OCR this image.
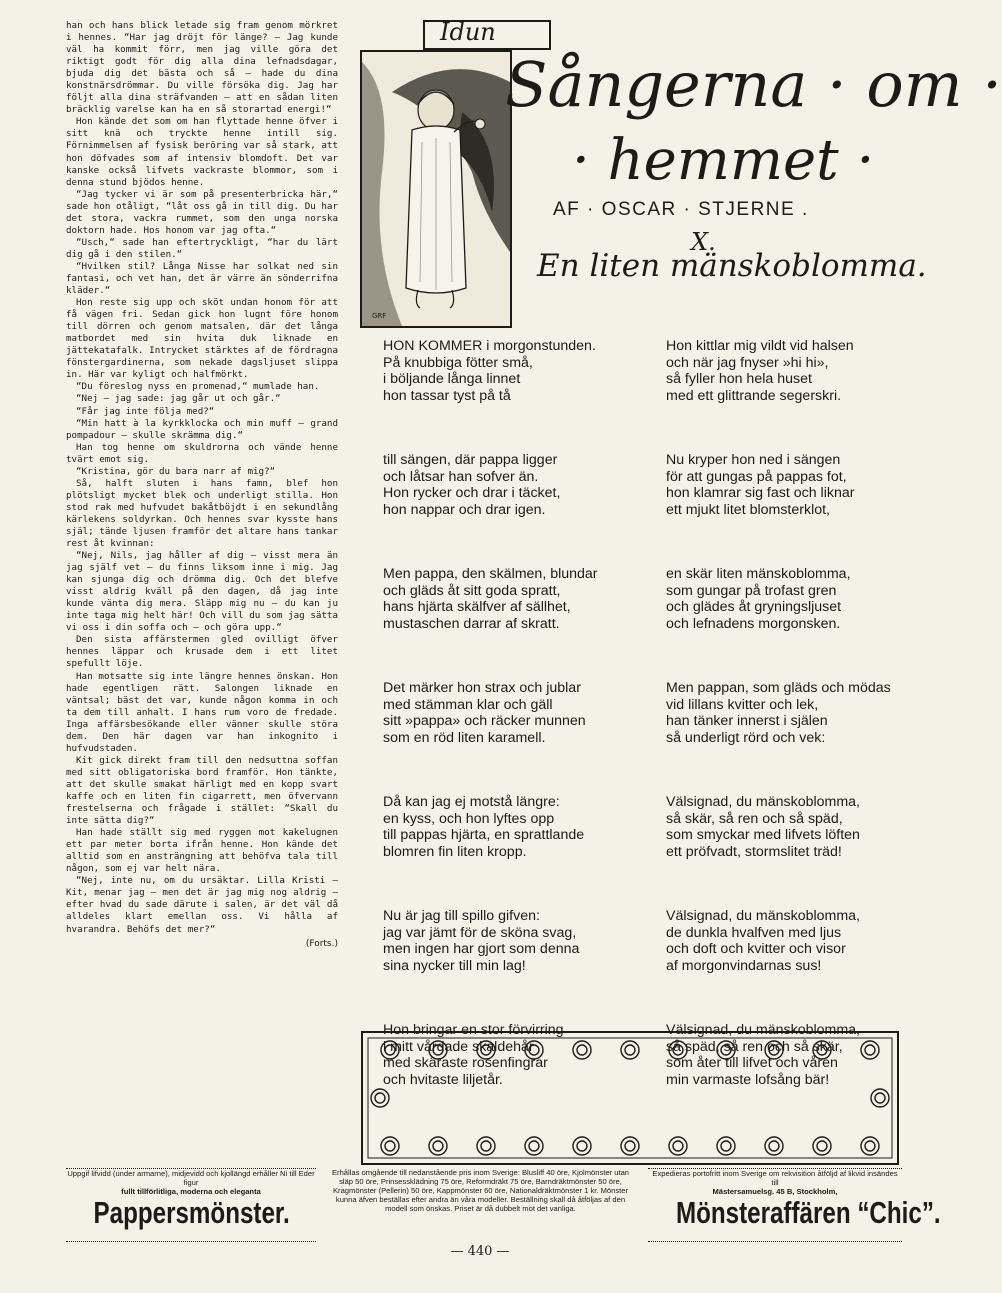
han och hans blick letade sig fram genom mörkret i hennes. “Har jag dröjt för länge? — Jag kunde väl ha kommit förr, men jag ville göra det riktigt godt för dig alla dina lefnadsdagar, bjuda dig det bästa och så — hade du dina konstnärsdrömmar. Du ville försöka dig. Jag har följt alla dina sträfvanden — att en sådan liten bräcklig varelse kan ha en så storartad energi!“

Hon kände det som om han flyttade henne öfver i sitt knä och tryckte henne intill sig. Förnimmelsen af fysisk beröring var så stark, att hon döfvades som af intensiv blomdoft. Det var kanske också lifvets vackraste blommor, som i denna stund bjödos henne.

“Jag tycker vi är som på presenterbricka här,“ sade hon otåligt, “låt oss gå in till dig. Du har det stora, vackra rummet, som den unga norska doktorn hade. Hos honom var jag ofta.“

“Usch,“ sade han eftertryckligt, “har du lärt dig gå i den stilen.“

“Hvilken stil? Långa Nisse har solkat ned sin fantasi, och vet han, det är värre än sönderrifna kläder.“

Hon reste sig upp och sköt undan honom för att få vägen fri. Sedan gick hon lugnt före honom till dörren och genom matsalen, där det långa matbordet med sin hvita duk liknade en jättekatafalk. Intrycket stärktes af de fördragna fönstergardinerna, som nekade dagsljuset slippa in. Här var kyligt och halfmörkt.

“Du föreslog nyss en promenad,“ mumlade han.

“Nej — jag sade: jag går ut och går.“

“Får jag inte följa med?“

“Min hatt à la kyrkklocka och min muff — grand pompadour — skulle skrämma dig.“

Han tog henne om skuldrorna och vände henne tvärt emot sig.

“Kristina, gör du bara narr af mig?“

Så, halft sluten i hans famn, blef hon plötsligt mycket blek och underligt stilla. Hon stod rak med hufvudet bakåtböjdt i en sekundlång kärlekens soldyrkan. Och hennes svar kysste hans själ; tände ljusen framför det altare hans tankar rest åt kvinnan:

“Nej, Nils, jag håller af dig — visst mera än jag själf vet — du finns liksom inne i mig. Jag kan sjunga dig och drömma dig. Och det blefve visst aldrig kväll på den dagen, då jag inte kunde vänta dig mera. Släpp mig nu — du kan ju inte taga mig helt här! Och vill du som jag sätta vi oss i din soffa och — och göra upp.“

Den sista affärstermen gled ovilligt öfver hennes läppar och krusade dem i ett litet spefullt löje.

Han motsatte sig inte längre hennes önskan. Hon hade egentligen rätt. Salongen liknade en väntsal; bäst det var, kunde någon komma in och ta dem till anhalt. I hans rum voro de fredade. Inga affärsbesökande eller vänner skulle störa dem. Den här dagen var han inkognito i hufvudstaden.

Kit gick direkt fram till den nedsuttna soffan med sitt obligatoriska bord framför. Hon tänkte, att det skulle smakat härligt med en kopp svart kaffe och en liten fin cigarrett, men öfvervann frestelserna och frågade i stället: “Skall du inte sätta dig?“

Han hade ställt sig med ryggen mot kakelugnen ett par meter borta ifrån henne. Hon kände det alltid som en ansträngning att behöfva tala till någon, som ej var helt nära.

“Nej, inte nu, om du ursäktar. Lilla Kristi — Kit, menar jag — men det är jag mig nog aldrig — efter hvad du sade därute i salen, är det väl då alldeles klart emellan oss. Vi hålla af hvarandra. Behöfs det mer?“

(Forts.)
Idun
GRF
Sångerna · om ·
· hemmet ·
AF · OSCAR · STJERNE .
X.
En liten mänskoblomma.
HON KOMMER i morgonstunden.
På knubbiga fötter små,
i böljande långa linnet
hon tassar tyst på tå
till sängen, där pappa ligger
och låtsar han sofver än.
Hon rycker och drar i täcket,
hon nappar och drar igen.
Men pappa, den skälmen, blundar
och gläds åt sitt goda spratt,
hans hjärta skälfver af sällhet,
mustaschen darrar af skratt.
Det märker hon strax och jublar
med stämman klar och gäll
sitt »pappa» och räcker munnen
som en röd liten karamell.
Då kan jag ej motstå längre:
en kyss, och hon lyftes opp
till pappas hjärta, en sprattlande
blomren fin liten kropp.
Nu är jag till spillo gifven:
jag var jämt för de sköna svag,
men ingen har gjort som denna
sina nycker till min lag!
Hon bringar en stor förvirring
i mitt vårdade skaldehår
med skärastе rosenfingrar
och hvitaste liljetår.
Hon kittlar mig vildt vid halsen
och när jag fnyser »hi hi»,
så fyller hon hela huset
med ett glittrande segerskri.
Nu kryper hon ned i sängen
för att gungas på pappas fot,
hon klamrar sig fast och liknar
ett mjukt litet blomsterklot,
en skär liten mänskoblomma,
som gungar på trofast gren
och glädes åt gryningsljuset
och lefnadens morgonsken.
Men pappan, som gläds och mödas
vid lillans kvitter och lek,
han tänker innerst i själen
så underligt rörd och vek:
Välsignad, du mänskoblomma,
så skär, så ren och så späd,
som smyckar med lifvets löften
ett pröfvadt, stormslitet träd!
Välsignad, du mänskoblomma,
de dunkla hvalfven med ljus
och doft och kvitter och visor
af morgonvindarnas sus!
Välsignad, du mänskoblomma,
så späd, så ren och så skär,
som åter till lifvet och våren
min varmaste lofsång bär!
Uppgif lifvidd (under armarne), midjevidd och kjollängd erhåller Ni till Eder figur
fullt tillförlitliga, moderna och eleganta
Pappersmönster.
Erhållas omgående till nedanstående pris inom Sverige: Blusliff 40 öre, Kjolmönster utan släp 50 öre, Prinsessklädning 75 öre, Reformdräkt 75 öre, Barndräktmönster 50 öre, Kragmönster (Pellerin) 50 öre, Kappmönster 60 öre, Nationaldräktmönster 1 kr. Mönster kunna äfven beställas efter andra än våra modeller. Beställning skall då åtföljas af den modell som önskas. Priset är då dubbelt mot det vanliga.
Expedieras portofritt inom Sverige om rekvisition åtföljd af likvid insändes till
Mästersamuelsg. 45 B, Stockholm,
Mönsteraffären “Chic”.
— 440 —
